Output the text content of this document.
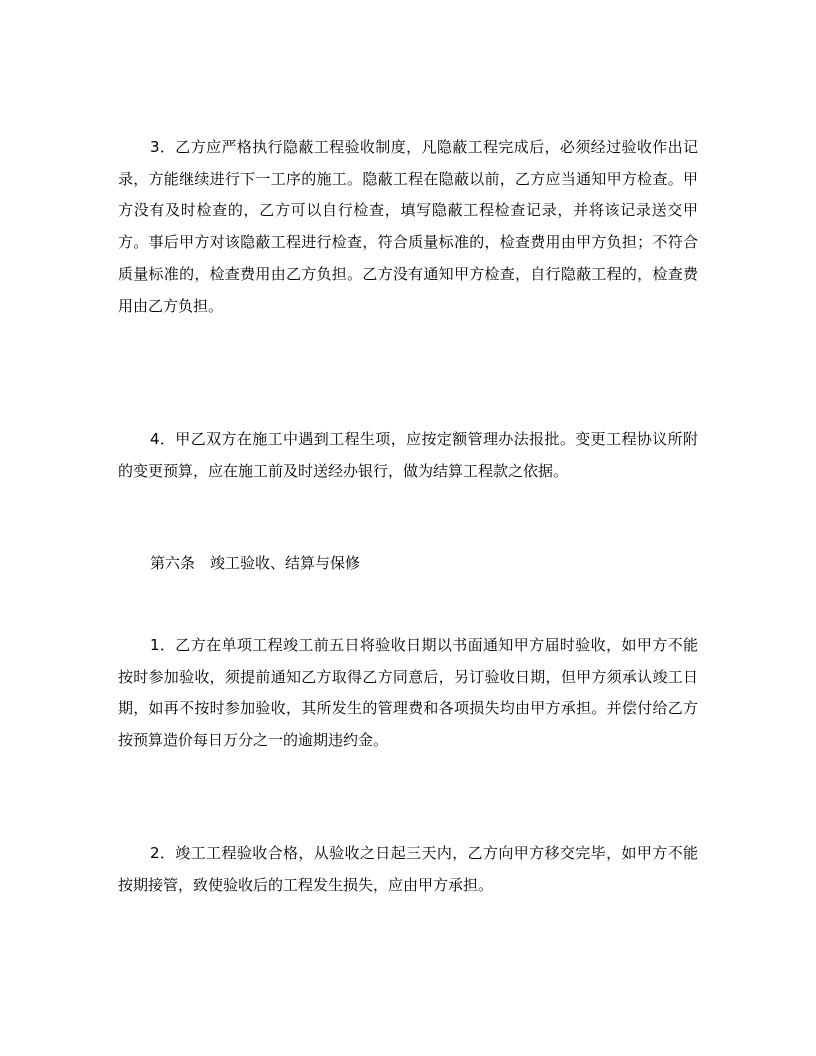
3．乙方应严格执行隐蔽工程验收制度，凡隐蔽工程完成后，必须经过验收作出记录，方能继续进行下一工序的施工。隐蔽工程在隐蔽以前，乙方应当通知甲方检查。甲方没有及时检查的，乙方可以自行检查，填写隐蔽工程检查记录，并将该记录送交甲方。事后甲方对该隐蔽工程进行检查，符合质量标准的，检查费用由甲方负担；不符合质量标准的，检查费用由乙方负担。乙方没有通知甲方检查，自行隐蔽工程的，检查费用由乙方负担。

4．甲乙双方在施工中遇到工程生项，应按定额管理办法报批。变更工程协议所附的变更预算，应在施工前及时送经办银行，做为结算工程款之依据。

第六条　竣工验收、结算与保修

1．乙方在单项工程竣工前五日将验收日期以书面通知甲方届时验收，如甲方不能按时参加验收，须提前通知乙方取得乙方同意后，另订验收日期，但甲方须承认竣工日期，如再不按时参加验收，其所发生的管理费和各项损失均由甲方承担。并偿付给乙方按预算造价每日万分之一的逾期违约金。

2．竣工工程验收合格，从验收之日起三天内，乙方向甲方移交完毕，如甲方不能按期接管，致使验收后的工程发生损失，应由甲方承担。
